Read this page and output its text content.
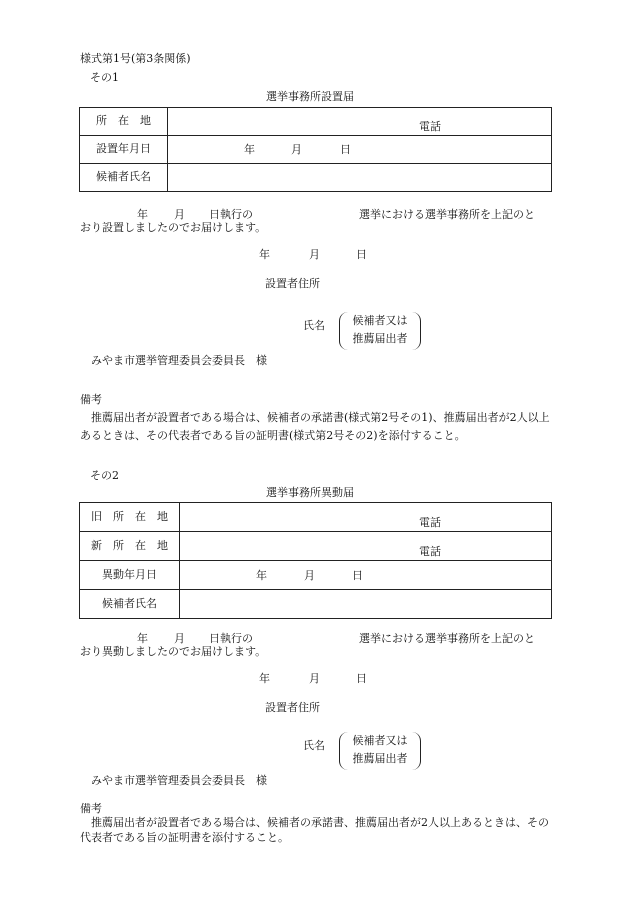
様式第1号(第3条関係)
その1
選挙事務所設置届
所　在　地	電話

設置年月日	年 月 日

候補者氏名	
年 月 日執行の	選挙における選挙事務所を上記のと
おり設置しましたのでお届けします。
年	月	日
設置者住所
氏名	候補者又は
推薦届出者
みやま市選挙管理委員会委員長　様
備考
推薦届出者が設置者である場合は、候補者の承諾書(様式第2号その1)、推薦届出者が2人以上あるときは、その代表者である旨の証明書(様式第2号その2)を添付すること。
その2
選挙事務所異動届
旧　所　在　地	電話

新　所　在　地	電話

異動年月日	年 月 日

候補者氏名	
年 月 日執行の	選挙における選挙事務所を上記のと
おり異動しましたのでお届けします。
年	月	日
設置者住所
氏名	候補者又は
推薦届出者
みやま市選挙管理委員会委員長　様
備考
推薦届出者が設置者である場合は、候補者の承諾書、推薦届出者が2人以上あるときは、その代表者である旨の証明書を添付すること。
